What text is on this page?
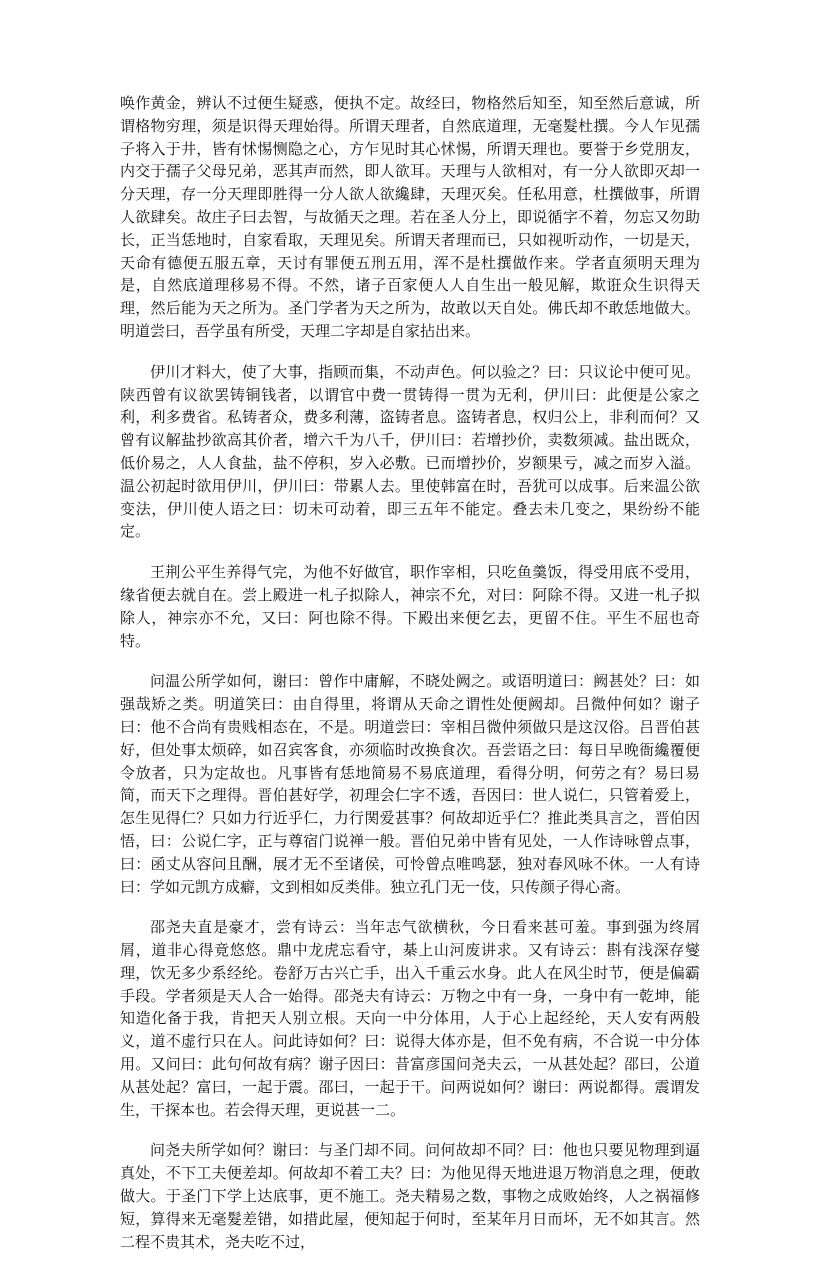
唤作黄金，辨认不过便生疑惑，便执不定。故经曰，物格然后知至，知至然后意诚，所谓格物穷理，须是识得天理始得。所谓天理者，自然底道理，无毫髮杜撰。今人乍见孺子将入于井，皆有怵惕恻隐之心，方乍见时其心怵惕，所谓天理也。要誉于乡党朋友，内交于孺子父母兄弟，恶其声而然，即人欲耳。天理与人欲相对，有一分人欲即灭却一分天理，存一分天理即胜得一分人欲人欲纔肆，天理灭矣。任私用意，杜撰做事，所谓人欲肆矣。故庄子曰去智，与故循天之理。若在圣人分上，即说循字不着，勿忘又勿助长，正当恁地时，自家看取，天理见矣。所谓天者理而已，只如视听动作，一切是天，天命有德便五服五章，天讨有罪便五刑五用，浑不是杜撰做作来。学者直须明天理为是，自然底道理移易不得。不然，诸子百家便人人自生出一般见解，欺诳众生识得天理，然后能为天之所为。圣门学者为天之所为，故敢以天自处。佛氏却不敢恁地做大。明道尝曰，吾学虽有所受，天理二字却是自家拈出来。

伊川才料大，使了大事，指顾而集，不动声色。何以验之？曰：只议论中便可见。陕西曾有议欲罢铸铜钱者，以谓官中费一贯铸得一贯为无利，伊川曰：此便是公家之利，利多费省。私铸者众，费多利薄，盗铸者息。盗铸者息，权归公上，非利而何？又曾有议解盐抄欲高其价者，增六千为八千，伊川曰：若增抄价，卖数须减。盐出既众，低价易之，人人食盐，盐不停积，岁入必敷。已而增抄价，岁额果亏，减之而岁入溢。温公初起时欲用伊川，伊川曰：带累人去。里使韩富在时，吾犹可以成事。后来温公欲变法，伊川使人语之曰：切未可动着，即三五年不能定。叠去未几变之，果纷纷不能定。

王荆公平生养得气完，为他不好做官，职作宰相，只吃鱼羹饭，得受用底不受用，缘省便去就自在。尝上殿进一札子拟除人，神宗不允，对曰：阿除不得。又进一札子拟除人，神宗亦不允，又曰：阿也除不得。下殿出来便乞去，更留不住。平生不屈也奇特。

问温公所学如何，谢曰：曾作中庸解，不晓处阙之。或语明道曰：阙甚处？曰：如强哉矫之类。明道笑曰：由自得里，将谓从天命之谓性处便阙却。吕微仲何如？谢子曰：他不合尚有贵贱相态在，不是。明道尝曰：宰相吕微仲须做只是这汉俗。吕晋伯甚好，但处事太烦碎，如召宾客食，亦须临时改换食次。吾尝语之曰：每日早晚衙纔覆便令放者，只为定故也。凡事皆有恁地简易不易底道理，看得分明，何劳之有？易曰易简，而天下之理得。晋伯甚好学，初理会仁字不透，吾因曰：世人说仁，只管着爱上，怎生见得仁？只如力行近乎仁，力行関爱甚事？何故却近乎仁？推此类具言之，晋伯因悟，曰：公说仁字，正与尊宿门说禅一般。晋伯兄弟中皆有见处，一人作诗咏曾点事，曰：函丈从容问且酬，展才无不至诸侯，可怜曾点唯鸣瑟，独对春风咏不休。一人有诗曰：学如元凯方成癖，文到相如反类俳。独立孔门无一伎，只传颜子得心斋。

邵尧夫直是豪才，尝有诗云：当年志气欲横秋，今日看来甚可羞。事到强为终屑屑，道非心得竟悠悠。鼎中龙虎忘看守，棊上山河废讲求。又有诗云：斟有浅深存燮理，饮无多少系经纶。卷舒万古兴亡手，出入千重云水身。此人在风尘时节，便是偏霸手段。学者须是天人合一始得。邵尧夫有诗云：万物之中有一身，一身中有一乾坤，能知造化备于我，肯把天人别立根。天向一中分体用，人于心上起经纶，天人安有两般义，道不虚行只在人。问此诗如何？曰：说得大体亦是，但不免有病，不合说一中分体用。又问曰：此句何故有病？谢子因曰：昔富彦国问尧夫云，一从甚处起？邵曰，公道从甚处起？富曰，一起于震。邵曰，一起于干。问两说如何？谢曰：两说都得。震谓发生，干探本也。若会得天理，更说甚一二。

问尧夫所学如何？谢曰：与圣门却不同。问何故却不同？曰：他也只要见物理到逼真处，不下工夫便差却。何故却不着工夫？曰：为他见得天地进退万物消息之理，便敢做大。于圣门下学上达底事，更不施工。尧夫精易之数，事物之成败始终，人之祸福修短，算得来无毫髮差错，如措此屋，便知起于何时，至某年月日而坏，无不如其言。然二程不贵其术，尧夫吃不过，
